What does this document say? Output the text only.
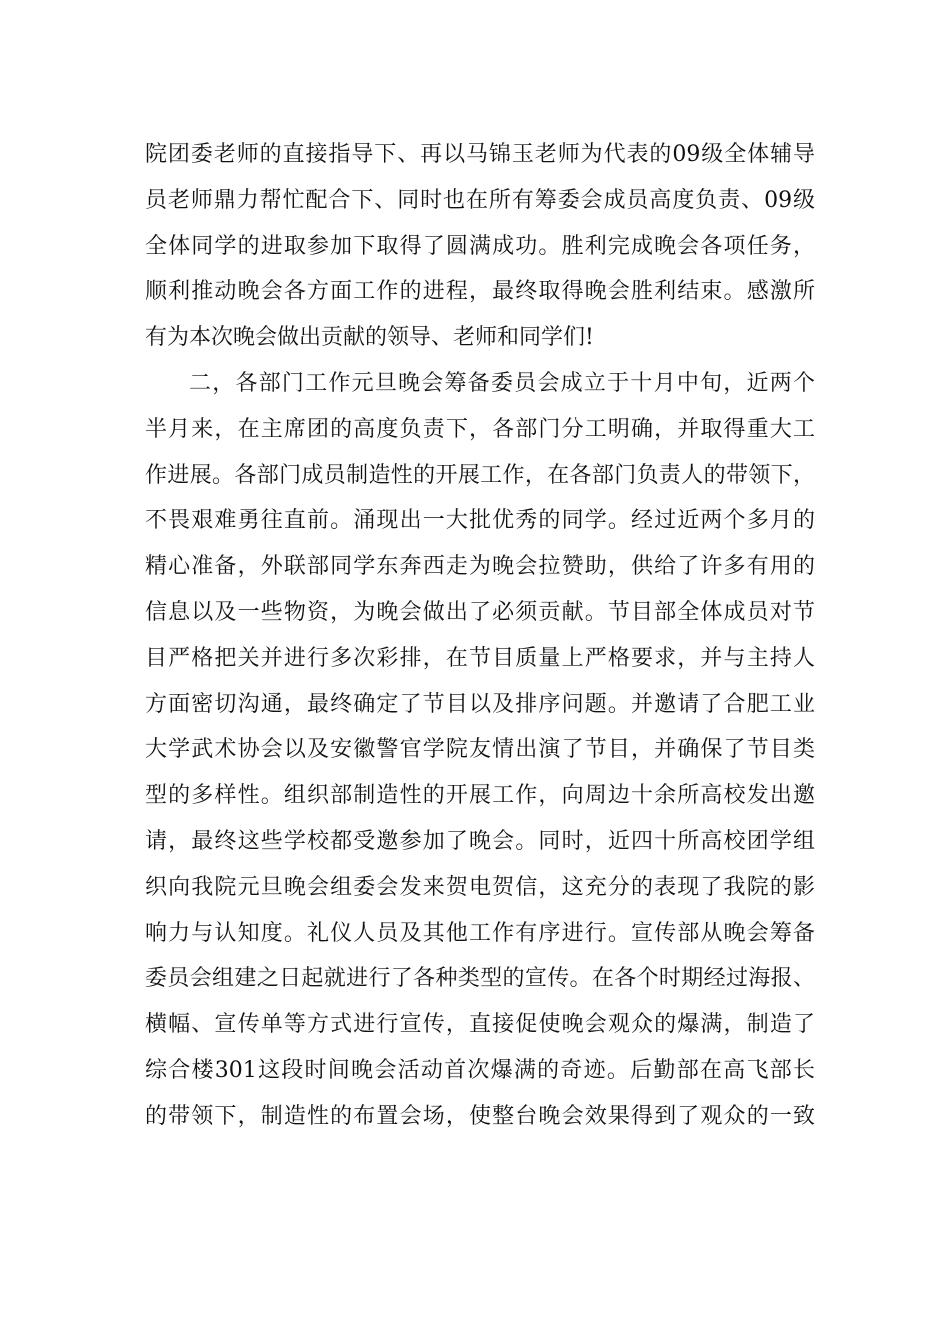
院团委老师的直接指导下、再以马锦玉老师为代表的09级全体辅导
员老师鼎力帮忙配合下、同时也在所有筹委会成员高度负责、09级
全体同学的进取参加下取得了圆满成功。胜利完成晚会各项任务，
顺利推动晚会各方面工作的进程，最终取得晚会胜利结束。感激所
有为本次晚会做出贡献的领导、老师和同学们!
二，各部门工作元旦晚会筹备委员会成立于十月中旬，近两个
半月来，在主席团的高度负责下，各部门分工明确，并取得重大工
作进展。各部门成员制造性的开展工作，在各部门负责人的带领下，
不畏艰难勇往直前。涌现出一大批优秀的同学。经过近两个多月的
精心准备，外联部同学东奔西走为晚会拉赞助，供给了许多有用的
信息以及一些物资，为晚会做出了必须贡献。节目部全体成员对节
目严格把关并进行多次彩排，在节目质量上严格要求，并与主持人
方面密切沟通，最终确定了节目以及排序问题。并邀请了合肥工业
大学武术协会以及安徽警官学院友情出演了节目，并确保了节目类
型的多样性。组织部制造性的开展工作，向周边十余所高校发出邀
请，最终这些学校都受邀参加了晚会。同时，近四十所高校团学组
织向我院元旦晚会组委会发来贺电贺信，这充分的表现了我院的影
响力与认知度。礼仪人员及其他工作有序进行。宣传部从晚会筹备
委员会组建之日起就进行了各种类型的宣传。在各个时期经过海报、
横幅、宣传单等方式进行宣传，直接促使晚会观众的爆满，制造了
综合楼301这段时间晚会活动首次爆满的奇迹。后勤部在高飞部长
的带领下，制造性的布置会场，使整台晚会效果得到了观众的一致
